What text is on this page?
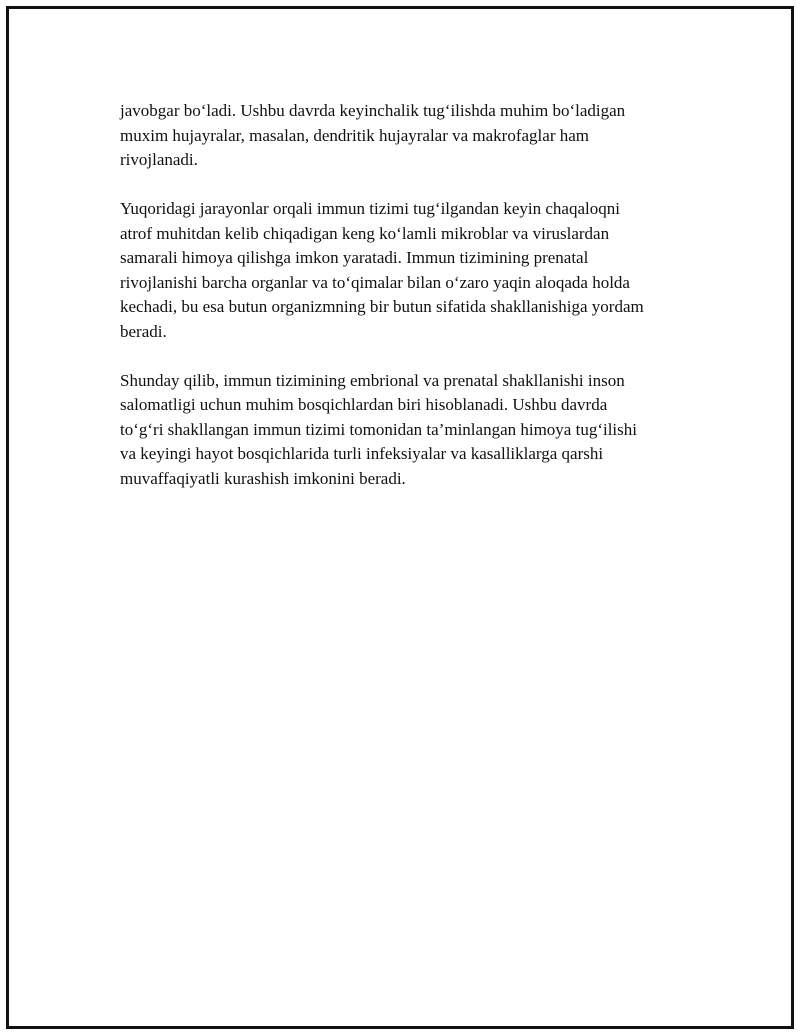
javobgar bo‘ladi. Ushbu davrda keyinchalik tug‘ilishda muhim bo‘ladigan
muxim hujayralar, masalan, dendritik hujayralar va makrofaglar ham
rivojlanadi.

Yuqoridagi jarayonlar orqali immun tizimi tug‘ilgandan keyin chaqaloqni
atrof muhitdan kelib chiqadigan keng ko‘lamli mikroblar va viruslardan
samarali himoya qilishga imkon yaratadi. Immun tizimining prenatal
rivojlanishi barcha organlar va to‘qimalar bilan o‘zaro yaqin aloqada holda
kechadi, bu esa butun organizmning bir butun sifatida shakllanishiga yordam
beradi.

Shunday qilib, immun tizimining embrional va prenatal shakllanishi inson
salomatligi uchun muhim bosqichlardan biri hisoblanadi. Ushbu davrda
to‘g‘ri shakllangan immun tizimi tomonidan ta’minlangan himoya tug‘ilishi
va keyingi hayot bosqichlarida turli infeksiyalar va kasalliklarga qarshi
muvaffaqiyatli kurashish imkonini beradi.
